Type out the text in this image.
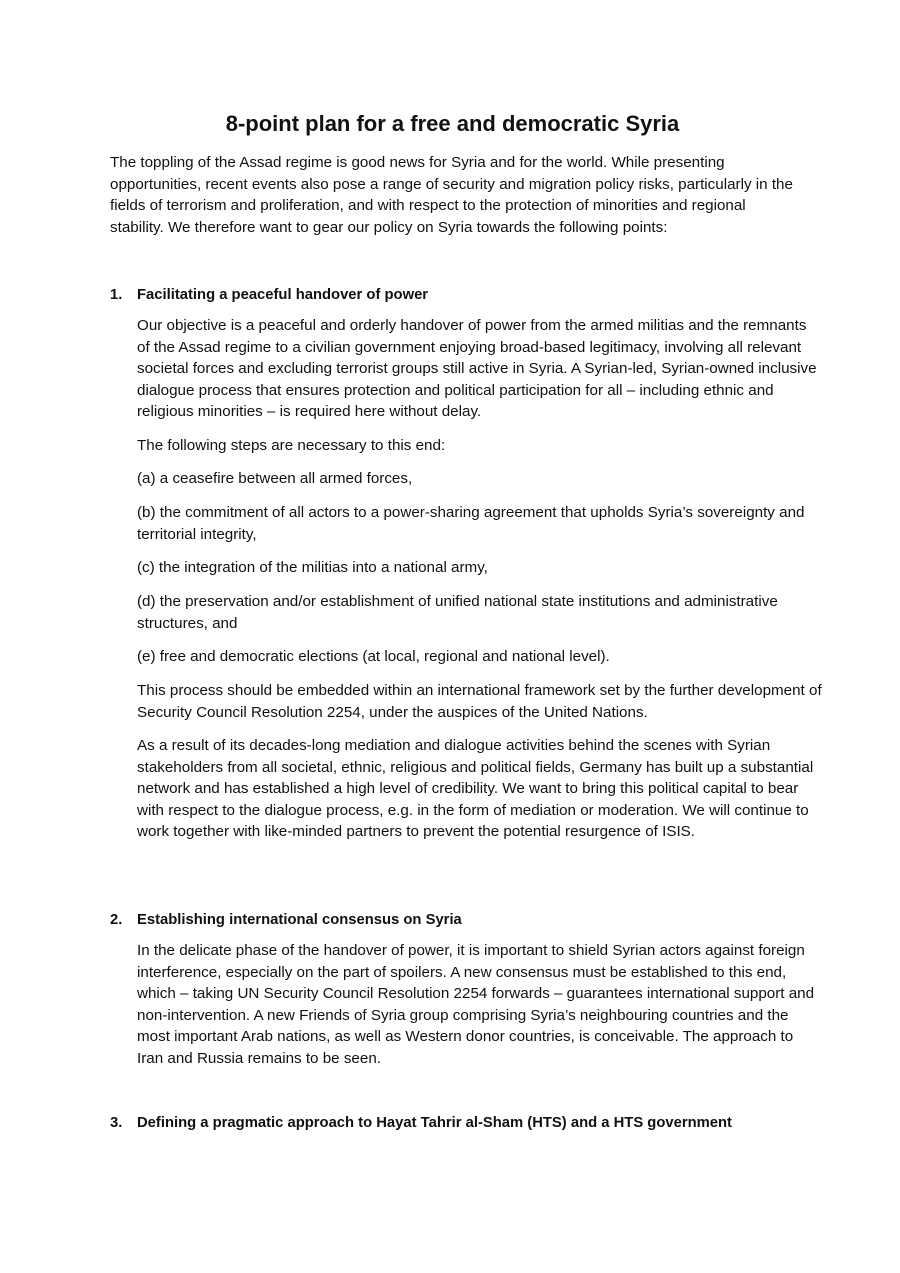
8-point plan for a free and democratic Syria

The toppling of the Assad regime is good news for Syria and for the world. While presenting opportunities, recent events also pose a range of security and migration policy risks, particularly in the fields of terrorism and proliferation, and with respect to the protection of minorities and regional stability. We therefore want to gear our policy on Syria towards the following points:

1. Facilitating a peaceful handover of power

Our objective is a peaceful and orderly handover of power from the armed militias and the remnants of the Assad regime to a civilian government enjoying broad-based legitimacy, involving all relevant societal forces and excluding terrorist groups still active in Syria. A Syrian-led, Syrian-owned inclusive dialogue process that ensures protection and political participation for all – including ethnic and religious minorities – is required here without delay.

The following steps are necessary to this end:

(a) a ceasefire between all armed forces,

(b) the commitment of all actors to a power-sharing agreement that upholds Syria’s sovereignty and territorial integrity,

(c) the integration of the militias into a national army,

(d) the preservation and/or establishment of unified national state institutions and administrative structures, and

(e) free and democratic elections (at local, regional and national level).

This process should be embedded within an international framework set by the further development of Security Council Resolution 2254, under the auspices of the United Nations.

As a result of its decades-long mediation and dialogue activities behind the scenes with Syrian stakeholders from all societal, ethnic, religious and political fields, Germany has built up a substantial network and has established a high level of credibility. We want to bring this political capital to bear with respect to the dialogue process, e.g. in the form of mediation or moderation. We will continue to work together with like-minded partners to prevent the potential resurgence of ISIS.

2. Establishing international consensus on Syria

In the delicate phase of the handover of power, it is important to shield Syrian actors against foreign interference, especially on the part of spoilers. A new consensus must be established to this end, which – taking UN Security Council Resolution 2254 forwards – guarantees international support and non-intervention. A new Friends of Syria group comprising Syria’s neighbouring countries and the most important Arab nations, as well as Western donor countries, is conceivable. The approach to Iran and Russia remains to be seen.

3. Defining a pragmatic approach to Hayat Tahrir al-Sham (HTS) and a HTS government
